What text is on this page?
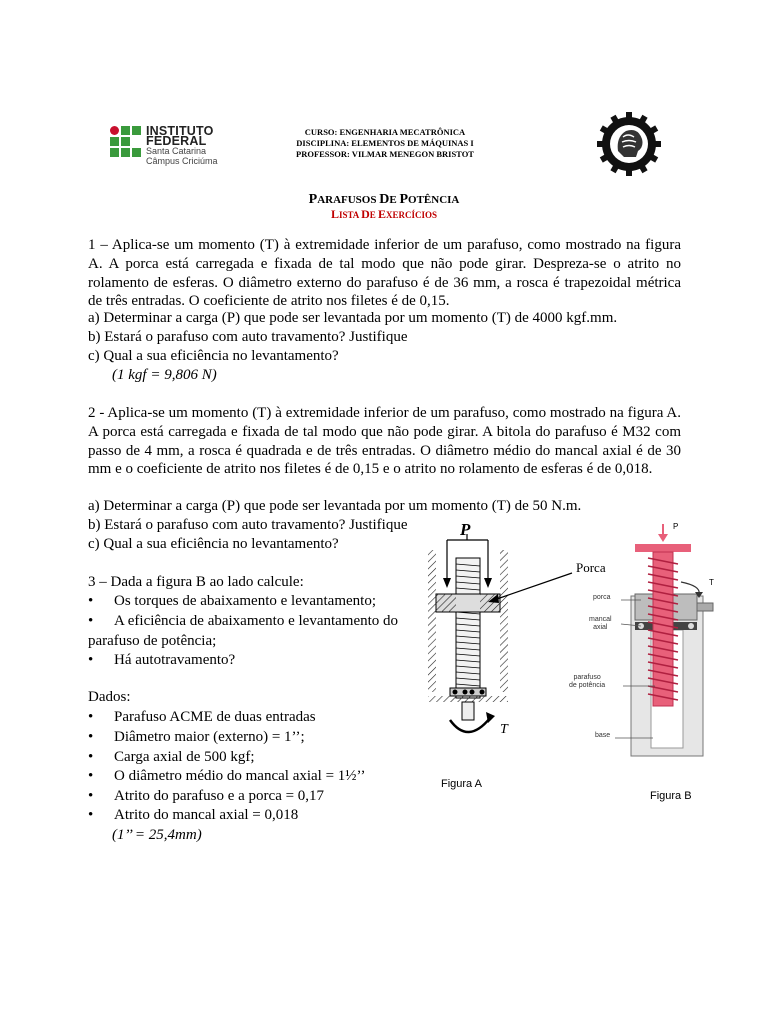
INSTITUTO FEDERAL
Santa Catarina
Câmpus Criciúma
CURSO: ENGENHARIA MECATRÔNICA
DISCIPLINA: ELEMENTOS DE MÁQUINAS I
PROFESSOR: VILMAR MENEGON BRISTOT
PARAFUSOS DE POTÊNCIA
LISTA DE EXERCÍCIOS
1 – Aplica-se um momento (T) à extremidade inferior de um parafuso, como mostrado na figura A. A porca está carregada e fixada de tal modo que não pode girar. Despreza-se o atrito no rolamento de esferas. O diâmetro externo do parafuso é de 36 mm, a rosca é trapezoidal métrica de três entradas. O coeficiente de atrito nos filetes é de 0,15.
a) Determinar a carga (P) que pode ser levantada por um momento (T) de 4000 kgf.mm.
b) Estará o parafuso com auto travamento? Justifique
c) Qual a sua eficiência no levantamento?
(1 kgf = 9,806 N)
2 - Aplica-se um momento (T) à extremidade inferior de um parafuso, como mostrado na figura A. A porca está carregada e fixada de tal modo que não pode girar. A bitola do parafuso é M32 com passo de 4 mm, a rosca é quadrada e de três entradas. O diâmetro médio do mancal axial é de 30 mm e o coeficiente de atrito nos filetes é de 0,15 e o atrito no rolamento de esferas é de 0,018.
a) Determinar a carga (P) que pode ser levantada por um momento (T) de 50 N.m.
b) Estará o parafuso com auto travamento? Justifique
c) Qual a sua eficiência no levantamento?
3 – Dada a figura B ao lado calcule:
• Os torques de abaixamento e levantamento;
• A eficiência de abaixamento e levantamento do
parafuso de potência;
• Há autotravamento?
Dados:
• Parafuso ACME de duas entradas
• Diâmetro maior (externo) = 1’’;
• Carga axial de 500 kgf;
• O diâmetro médio do mancal axial = 1½’’
• Atrito do parafuso e a porca = 0,17
• Atrito do mancal axial = 0,018
(1’’ = 25,4mm)
P
T
Porca
Figura A
P
T
porca
mancal
axial
parafuso
de potência
base
Figura B
